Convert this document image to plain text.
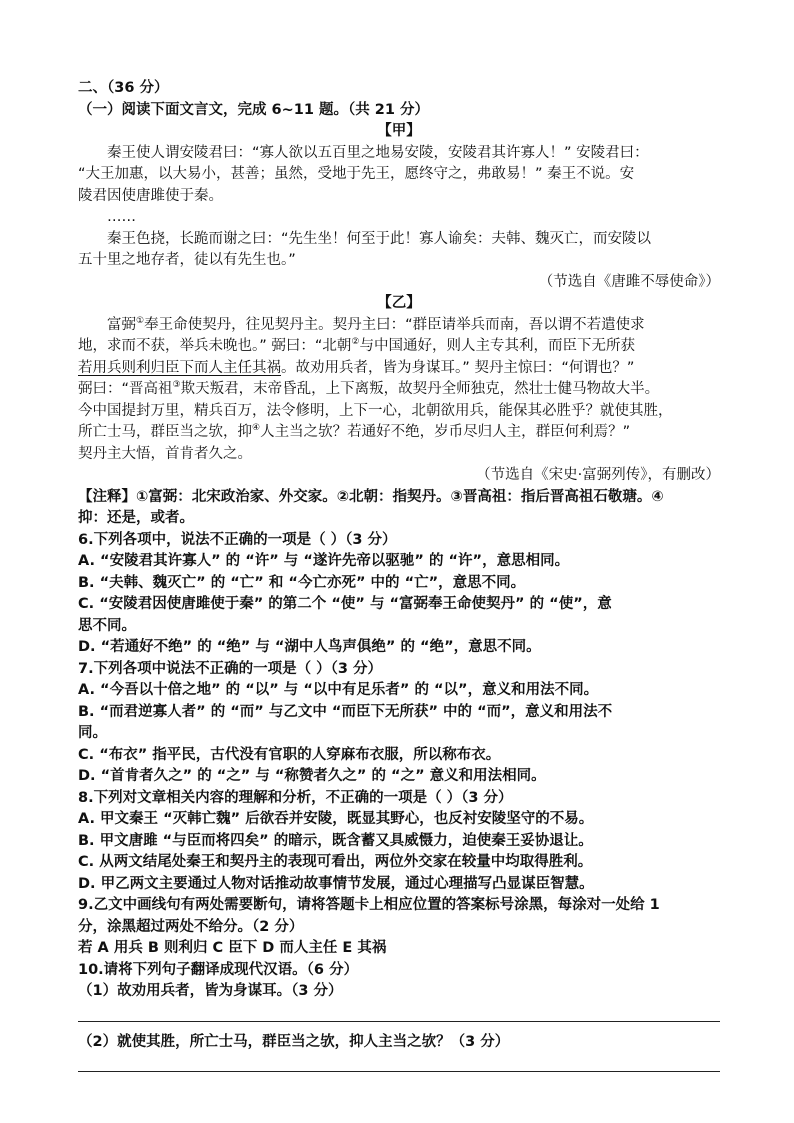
二、（36 分）
（一）阅读下面文言文，完成 6~11 题。（共 21 分）
【甲】
秦王使人谓安陵君曰：“寡人欲以五百里之地易安陵，安陵君其许寡人！” 安陵君曰：
“大王加惠，以大易小，甚善；虽然，受地于先王，愿终守之，弗敢易！” 秦王不说。安
陵君因使唐雎使于秦。
……
秦王色挠，长跪而谢之曰：“先生坐！何至于此！寡人谕矣：夫韩、魏灭亡，而安陵以
五十里之地存者，徒以有先生也。”
（节选自《唐雎不辱使命》）
【乙】
富弼①奉王命使契丹，往见契丹主。契丹主曰：“群臣请举兵而南，吾以谓不若遣使求
地，求而不获，举兵未晚也。” 弼曰：“北朝②与中国通好，则人主专其利，而臣下无所获
若用兵则利归臣下而人主任其祸。故劝用兵者，皆为身谋耳。” 契丹主惊曰：“何谓也？”
弼曰：“晋高祖③欺天叛君，末帝昏乱，上下离叛，故契丹全师独克，然壮士健马物故大半。
今中国提封万里，精兵百万，法令修明，上下一心，北朝欲用兵，能保其必胜乎？就使其胜，
所亡士马，群臣当之欤，抑④人主当之欤？若通好不绝，岁币尽归人主，群臣何利焉？”
契丹主大悟，首肯者久之。
（节选自《宋史·富弼列传》，有删改）
【注释】①富弼：北宋政治家、外交家。②北朝：指契丹。③晋高祖：指后晋高祖石敬瑭。④
抑：还是，或者。
6.下列各项中，说法不正确的一项是（ ）（3 分）
A. “安陵君其许寡人” 的 “许” 与 “遂许先帝以驱驰” 的 “许”，意思相同。
B. “夫韩、魏灭亡” 的 “亡” 和 “今亡亦死” 中的 “亡”，意思不同。
C. “安陵君因使唐雎使于秦” 的第二个 “使” 与 “富弼奉王命使契丹” 的 “使”，意
思不同。
D. “若通好不绝” 的 “绝” 与 “湖中人鸟声俱绝” 的 “绝”，意思不同。
7.下列各项中说法不正确的一项是（ ）（3 分）
A. “今吾以十倍之地” 的 “以” 与 “以中有足乐者” 的 “以”，意义和用法不同。
B. “而君逆寡人者” 的 “而” 与乙文中 “而臣下无所获” 中的 “而”，意义和用法不
同。
C. “布衣” 指平民，古代没有官职的人穿麻布衣服，所以称布衣。
D. “首肯者久之” 的 “之” 与 “称赞者久之” 的 “之” 意义和用法相同。
8.下列对文章相关内容的理解和分析，不正确的一项是（ ）（3 分）
A. 甲文秦王 “灭韩亡魏” 后欲吞并安陵，既显其野心，也反衬安陵坚守的不易。
B. 甲文唐雎 “与臣而将四矣” 的暗示，既含蓄又具威慑力，迫使秦王妥协退让。
C. 从两文结尾处秦王和契丹主的表现可看出，两位外交家在较量中均取得胜利。
D. 甲乙两文主要通过人物对话推动故事情节发展，通过心理描写凸显谋臣智慧。
9.乙文中画线句有两处需要断句，请将答题卡上相应位置的答案标号涂黑，每涂对一处给 1
分，涂黑超过两处不给分。（2 分）
若 A 用兵 B 则利归 C 臣下 D 而人主任 E 其祸
10.请将下列句子翻译成现代汉语。（6 分）
（1）故劝用兵者，皆为身谋耳。（3 分）
（2）就使其胜，所亡士马，群臣当之欤，抑人主当之欤？（3 分）
